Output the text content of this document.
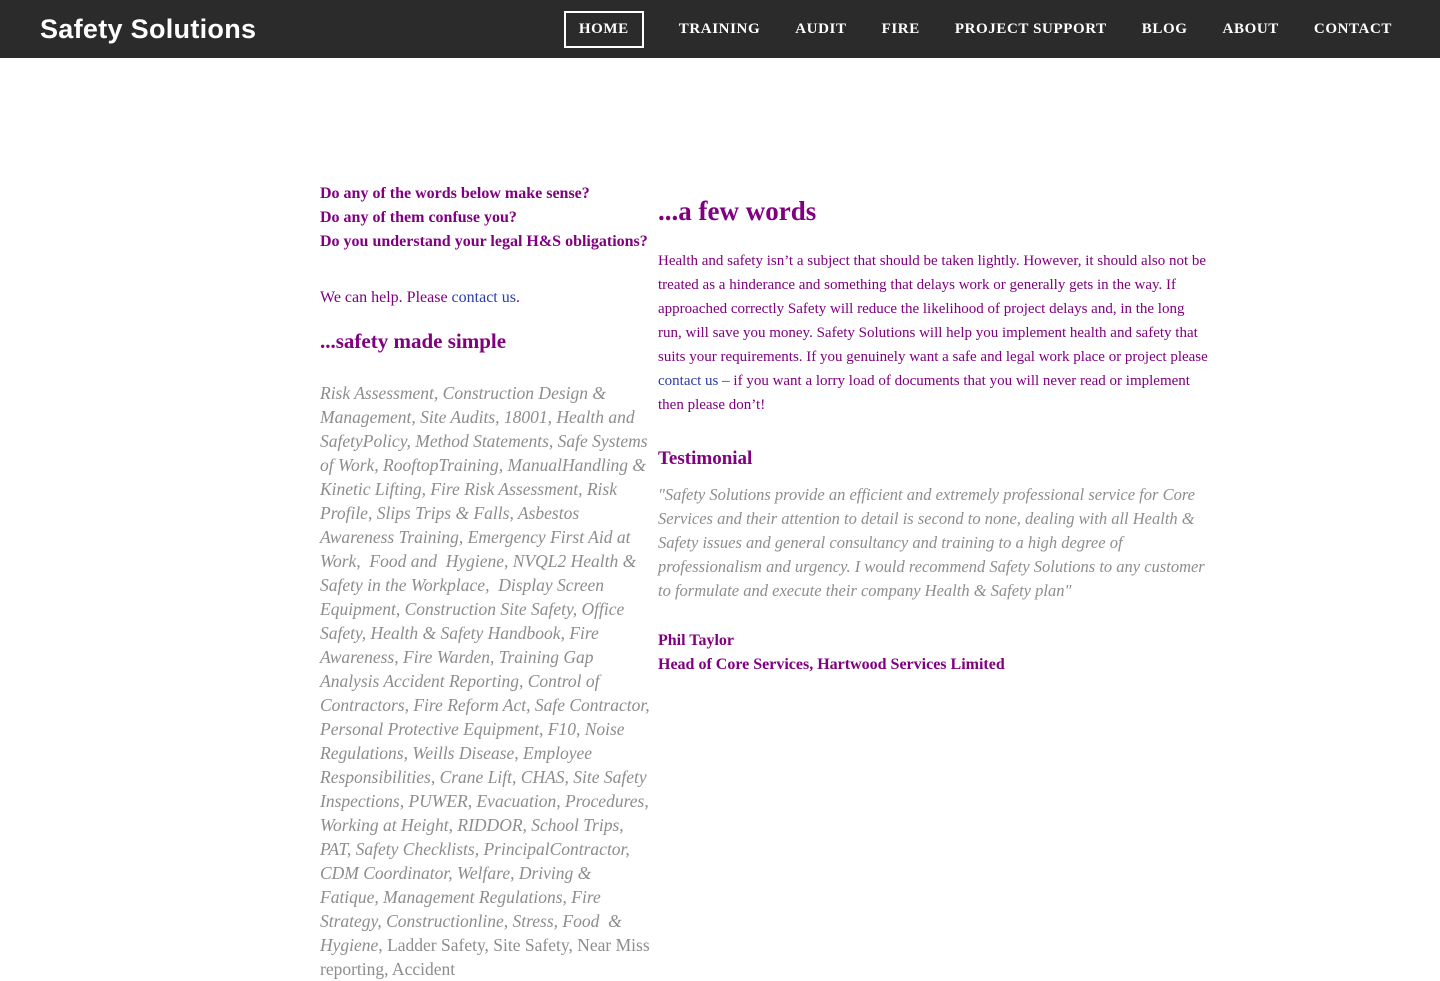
Safety Solutions	HOME	TRAINING AUDIT FIRE PROJECT SUPPORT BLOG ABOUT CONTACT
Do any of the words below make sense?
Do any of them confuse you?
Do you understand your legal H&S obligations?

We can help. Please contact us.

...safety made simple

Risk Assessment, Construction Design & Management, Site Audits, 18001, Health and SafetyPolicy, Method Statements, Safe Systems of Work, RooftopTraining, ManualHandling & Kinetic Lifting, Fire Risk Assessment, Risk Profile, Slips Trips & Falls, Asbestos Awareness Training, Emergency First Aid at Work,  Food and  Hygiene, NVQL2 Health & Safety in the Workplace,  Display Screen Equipment, Construction Site Safety, Office Safety, Health & Safety Handbook, Fire Awareness, Fire Warden, Training Gap Analysis Accident Reporting, Control of Contractors, Fire Reform Act, Safe Contractor, Personal Protective Equipment, F10, Noise Regulations, Weills Disease, Employee Responsibilities, Crane Lift, CHAS, Site Safety Inspections, PUWER, Evacuation, Procedures, Working at Height, RIDDOR, School Trips, PAT, Safety Checklists, PrincipalContractor, CDM Coordinator, Welfare, Driving & Fatique, Management Regulations, Fire Strategy, Constructionline, Stress, Food  & Hygiene, Ladder Safety, Site Safety, Near Miss reporting, Accident

...a few words

Health and safety isn’t a subject that should be taken lightly. However, it should also not be treated as a hinderance and something that delays work or generally gets in the way. If approached correctly Safety will reduce the likelihood of project delays and, in the long run, will save you money. Safety Solutions will help you implement health and safety that suits your requirements. If you genuinely want a safe and legal work place or project please contact us – if you want a lorry load of documents that you will never read or implement then please don’t!

Testimonial

"Safety Solutions provide an efficient and extremely professional service for Core Services and their attention to detail is second to none, dealing with all Health & Safety issues and general consultancy and training to a high degree of professionalism and urgency. I would recommend Safety Solutions to any customer to formulate and execute their company Health & Safety plan"

Phil Taylor
Head of Core Services, Hartwood Services Limited
